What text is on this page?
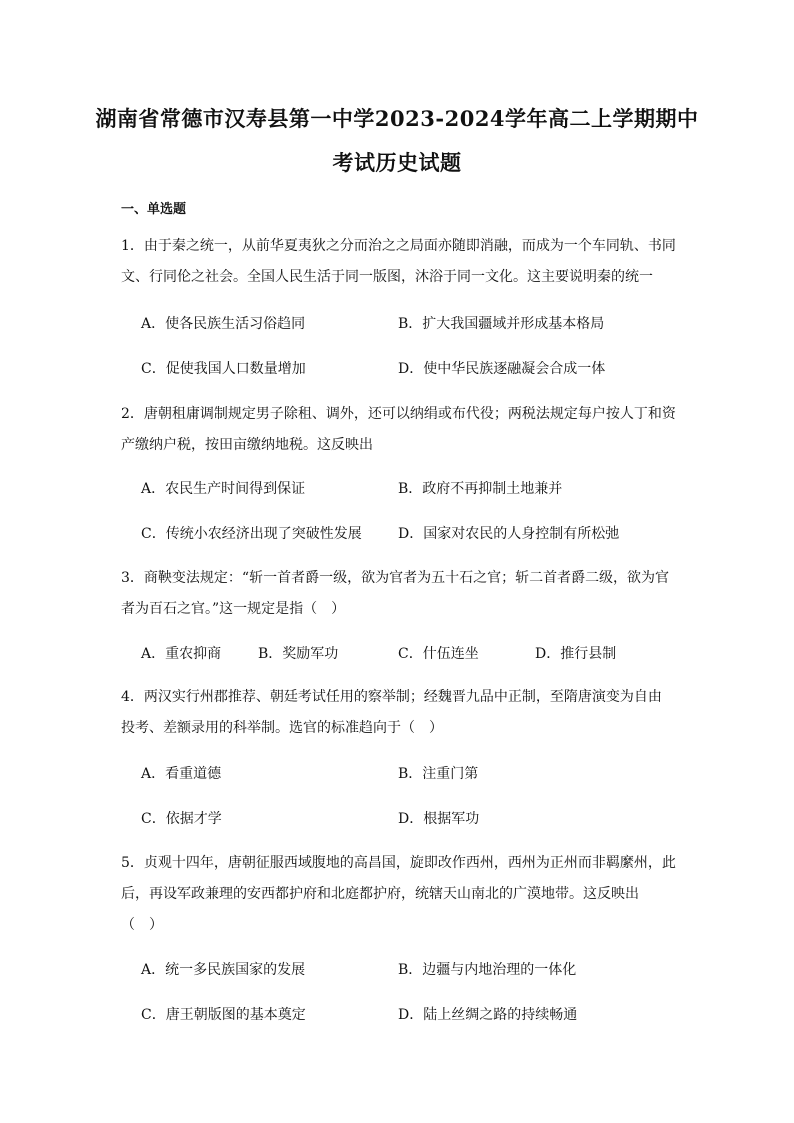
湖南省常德市汉寿县第一中学2023-2024学年高二上学期期中
考试历史试题
一、单选题
1．由于秦之统一，从前华夏夷狄之分而治之之局面亦随即消融，而成为一个车同轨、书同
文、行同伦之社会。全国人民生活于同一版图，沐浴于同一文化。这主要说明秦的统一
A．使各民族生活习俗趋同	B．扩大我国疆域并形成基本格局
C．促使我国人口数量增加	D．使中华民族逐融凝会合成一体
2．唐朝租庸调制规定男子除租、调外，还可以纳绢或布代役；两税法规定每户按人丁和资
产缴纳户税，按田亩缴纳地税。这反映出
A．农民生产时间得到保证	B．政府不再抑制土地兼并
C．传统小农经济出现了突破性发展	D．国家对农民的人身控制有所松弛
3．商鞅变法规定：“斩一首者爵一级，欲为官者为五十石之官；斩二首者爵二级，欲为官
者为百石之官。”这一规定是指（　）
A．重农抑商	B．奖励军功	C．什伍连坐	D．推行县制
4．两汉实行州郡推荐、朝廷考试任用的察举制；经魏晋九品中正制，至隋唐演变为自由
投考、差额录用的科举制。选官的标准趋向于（　）
A．看重道德	B．注重门第
C．依据才学	D．根据军功
5．贞观十四年，唐朝征服西域腹地的高昌国，旋即改作西州，西州为正州而非羁縻州，此
后，再设军政兼理的安西都护府和北庭都护府，统辖天山南北的广漠地带。这反映出
（　）
A．统一多民族国家的发展	B．边疆与内地治理的一体化
C．唐王朝版图的基本奠定	D．陆上丝绸之路的持续畅通
